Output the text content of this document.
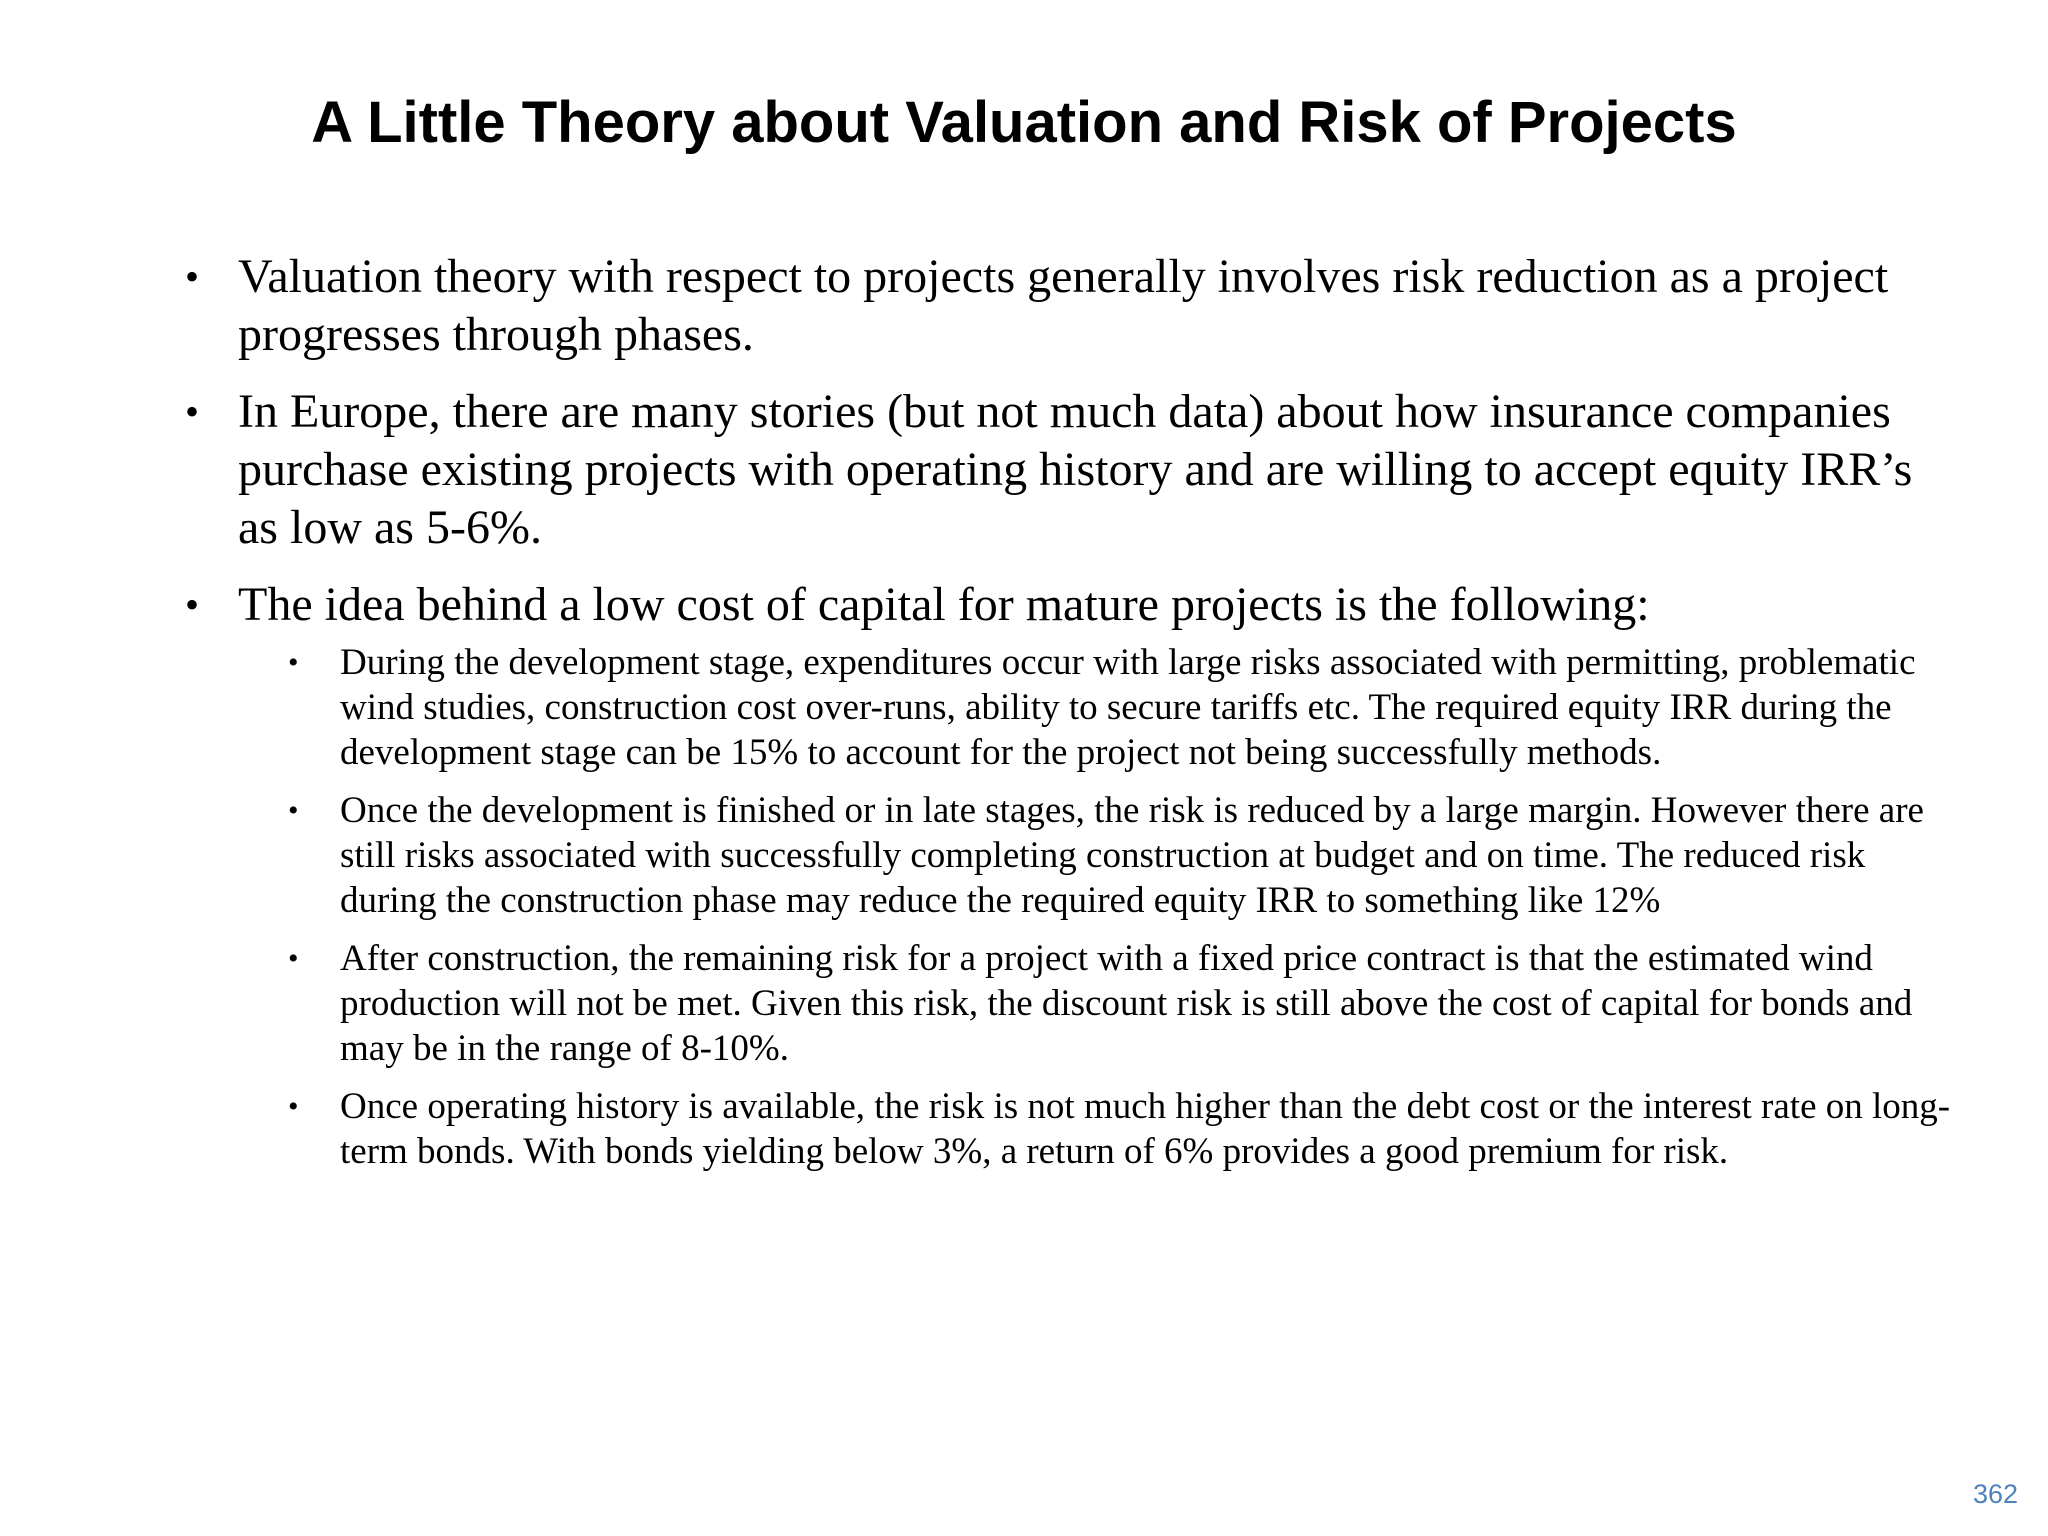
A Little Theory about Valuation and Risk of Projects
• Valuation theory with respect to projects generally involves risk reduction as a project progresses through phases.
• In Europe, there are many stories (but not much data) about how insurance companies purchase existing projects with operating history and are willing to accept equity IRR’s as low as 5-6%.
• The idea behind a low cost of capital for mature projects is the following:
• During the development stage, expenditures occur with large risks associated with permitting, problematic wind studies, construction cost over-runs, ability to secure tariffs etc. The required equity IRR during the development stage can be 15% to account for the project not being successfully methods.
• Once the development is finished or in late stages, the risk is reduced by a large margin. However there are still risks associated with successfully completing construction at budget and on time. The reduced risk during the construction phase may reduce the required equity IRR to something like 12%
• After construction, the remaining risk for a project with a fixed price contract is that the estimated wind production will not be met. Given this risk, the discount risk is still above the cost of capital for bonds and may be in the range of 8-10%.
• Once operating history is available, the risk is not much higher than the debt cost or the interest rate on long-term bonds. With bonds yielding below 3%, a return of 6% provides a good premium for risk.
362
